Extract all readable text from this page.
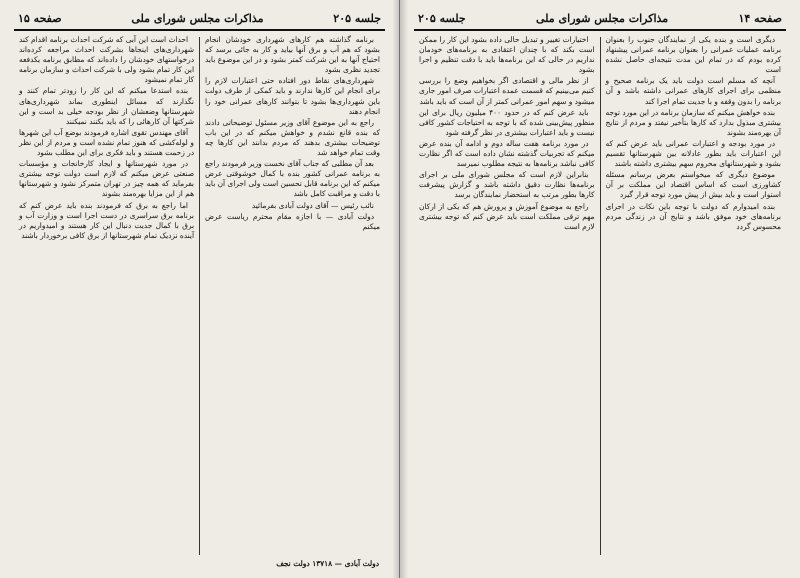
جلسه ۲۰۵
مذاکرات مجلس شورای ملی
صفحه ۱۵

برنامه گذاشته هم کارهای شهرداری خودشان انجام بشود که هم آب و برق آنها بیاید و کار به جائی برسد که احتیاج آنها به این شرکت کمتر بشود و در این موضوع باید تجدید نظری بشود

شهرداری‌های نقاط دور افتاده حتی اعتبارات لازم را برای انجام این کارها ندارند و باید کمکی از طرف دولت باین شهرداری‌ها بشود تا بتوانند کارهای عمرانی خود را انجام دهند

راجع به این موضوع آقای وزیر مسئول توضیحاتی دادند که بنده قانع نشدم و خواهش میکنم که در این باب توضیحات بیشتری بدهند که مردم بدانند این کارها چه وقت تمام خواهد شد

بعد آن مطلبی که جناب آقای نخست وزیر فرمودند راجع به برنامه عمرانی کشور بنده با کمال خوشوقتی عرض میکنم که این برنامه قابل تحسین است ولی اجرای آن باید با دقت و مراقبت کامل باشد

نائب رئیس — آقای دولت آبادی بفرمائید

دولت آبادی — با اجازه مقام محترم ریاست عرض میکنم

احداث است این آبی که شرکت احداث برنامه اقدام کند شهرداری‌های اینجاها بشرکت احداث مراجعه کرده‌اند درخواستهای خودشان را داده‌اند که مطابق برنامه یکدفعه این کار تمام بشود ولی با شرکت احداث و سازمان برنامه کار تمام نمیشود

بنده استدعا میکنم که این کار را زودتر تمام کنند و نگذارند که مسائل اینطوری بماند شهرداری‌های شهرستانها وضعشان از نظر بودجه خیلی بد است و این شرکتها آن کارهائی را که باید بکنند نمیکنند

آقای مهندس تقوی اشاره فرمودند بوضع آب این شهرها و لوله‌کشی که هنوز تمام نشده است و مردم از این نظر در زحمت هستند و باید فکری برای این مطلب بشود

در مورد شهرستانها و ایجاد کارخانجات و مؤسسات صنعتی عرض میکنم که لازم است دولت توجه بیشتری بفرماید که همه چیز در تهران متمرکز نشود و شهرستانها هم از این مزایا بهره‌مند بشوند

اما راجع به برق که فرمودند بنده باید عرض کنم که برنامه برق سراسری در دست اجرا است و وزارت آب و برق با کمال جدیت دنبال این کار هستند و امیدواریم در آینده نزدیک تمام شهرستانها از برق کافی برخوردار باشند

دولت آبادی — ۱۳۷۱۸ دولت نجف
صفحه ۱۴
مذاکرات مجلس شورای ملی
جلسه ۲۰۵

دیگری است و بنده یکی از نمایندگان جنوب را بعنوان برنامه عملیات عمرانی را بعنوان برنامه عمرانی پیشنهاد کرده بودم که در تمام این مدت نتیجه‌ای حاصل نشده است

آنچه که مسلم است دولت باید یک برنامه صحیح و منظمی برای اجرای کارهای عمرانی داشته باشد و آن برنامه را بدون وقفه و با جدیت تمام اجرا کند

بنده خواهش میکنم که سازمان برنامه در این مورد توجه بیشتری مبذول بدارد که کارها بتأخیر نیفتد و مردم از نتایج آن بهره‌مند بشوند

در مورد بودجه و اعتبارات عمرانی باید عرض کنم که این اعتبارات باید بطور عادلانه بین شهرستانها تقسیم بشود و شهرستانهای محروم سهم بیشتری داشته باشند

موضوع دیگری که میخواستم بعرض برسانم مسئله کشاورزی است که اساس اقتصاد این مملکت بر آن استوار است و باید بیش از پیش مورد توجه قرار گیرد

بنده امیدوارم که دولت با توجه باین نکات در اجرای برنامه‌های خود موفق باشد و نتایج آن در زندگی مردم محسوس گردد

اختیارات تغییر و تبدیل حالی داده بشود این کار را ممکن است بکند که با چندان اعتقادی به برنامه‌های خودمان نداریم در حالی که این برنامه‌ها باید با دقت تنظیم و اجرا بشود

از نظر مالی و اقتصادی اگر بخواهیم وضع را بررسی کنیم می‌بینیم که قسمت عمده اعتبارات صرف امور جاری میشود و سهم امور عمرانی کمتر از آن است که باید باشد

باید عرض کنم که در حدود ۴۰۰ میلیون ریال برای این منظور پیش‌بینی شده که با توجه به احتیاجات کشور کافی نیست و باید اعتبارات بیشتری در نظر گرفته شود

در مورد برنامه هفت ساله دوم و ادامه آن بنده عرض میکنم که تجربیات گذشته نشان داده است که اگر نظارت کافی نباشد برنامه‌ها به نتیجه مطلوب نمیرسد

بنابراین لازم است که مجلس شورای ملی بر اجرای برنامه‌ها نظارت دقیق داشته باشد و گزارش پیشرفت کارها بطور مرتب به استحضار نمایندگان برسد

راجع به موضوع آموزش و پرورش هم که یکی از ارکان مهم ترقی مملکت است باید عرض کنم که توجه بیشتری لازم است
